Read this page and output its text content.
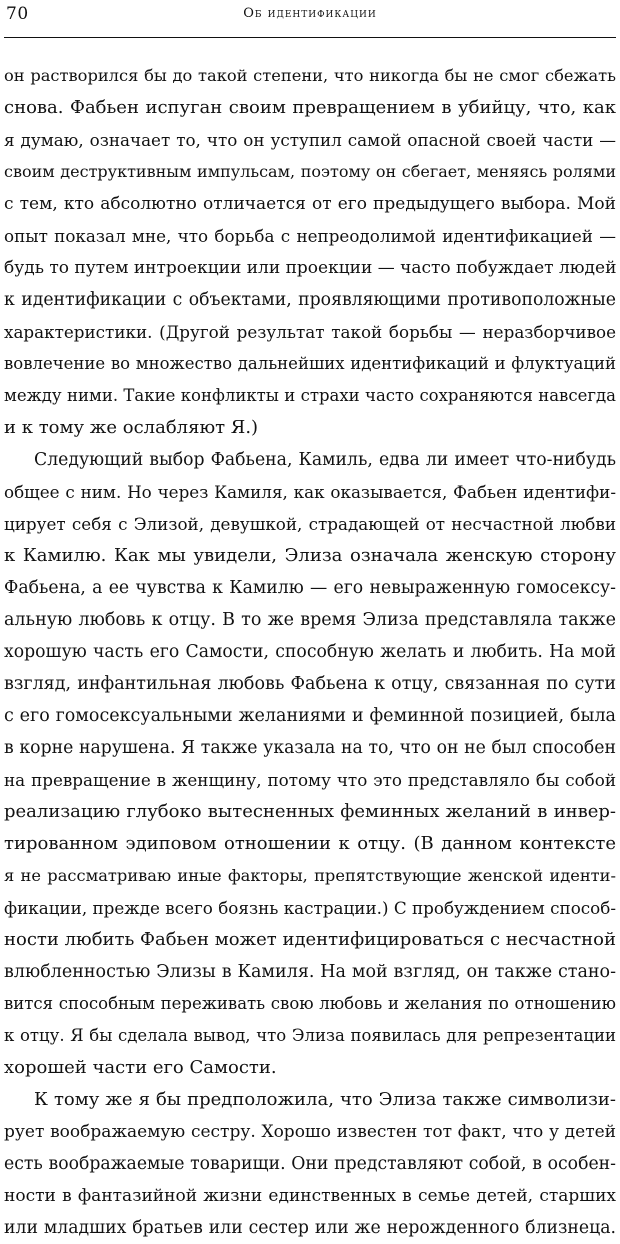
70	Об идентификации
он растворился бы до такой степени, что никогда бы не смог сбежать
снова. Фабьен испуган своим превращением в убийцу, что, как
я думаю, означает то, что он уступил самой опасной своей части —
своим деструктивным импульсам, поэтому он сбегает, меняясь ролями
с тем, кто абсолютно отличается от его предыдущего выбора. Мой
опыт показал мне, что борьба с непреодолимой идентификацией —
будь то путем интроекции или проекции — часто побуждает людей
к идентификации с объектами, проявляющими противоположные
характеристики. (Другой результат такой борьбы — неразборчивое
вовлечение во множество дальнейших идентификаций и флуктуаций
между ними. Такие конфликты и страхи часто сохраняются навсегда
и к тому же ослабляют Я.)
Следующий выбор Фабьена, Камиль, едва ли имеет что-нибудь
общее с ним. Но через Камиля, как оказывается, Фабьен идентифи-
цирует себя с Элизой, девушкой, страдающей от несчастной любви
к Камилю. Как мы увидели, Элиза означала женскую сторону
Фабьена, а ее чувства к Камилю — его невыраженную гомосексу-
альную любовь к отцу. В то же время Элиза представляла также
хорошую часть его Самости, способную желать и любить. На мой
взгляд, инфантильная любовь Фабьена к отцу, связанная по сути
с его гомосексуальными желаниями и феминной позицией, была
в корне нарушена. Я также указала на то, что он не был способен
на превращение в женщину, потому что это представляло бы собой
реализацию глубоко вытесненных феминных желаний в инвер-
тированном эдиповом отношении к отцу. (В данном контексте
я не рассматриваю иные факторы, препятствующие женской иденти-
фикации, прежде всего боязнь кастрации.) С пробуждением способ-
ности любить Фабьен может идентифицироваться с несчастной
влюбленностью Элизы в Камиля. На мой взгляд, он также стано-
вится способным переживать свою любовь и желания по отношению
к отцу. Я бы сделала вывод, что Элиза появилась для репрезентации
хорошей части его Самости.
К тому же я бы предположила, что Элиза также символизи-
рует воображаемую сестру. Хорошо известен тот факт, что у детей
есть воображаемые товарищи. Они представляют собой, в особен-
ности в фантазийной жизни единственных в семье детей, старших
или младших братьев или сестер или же нерожденного близнеца.
